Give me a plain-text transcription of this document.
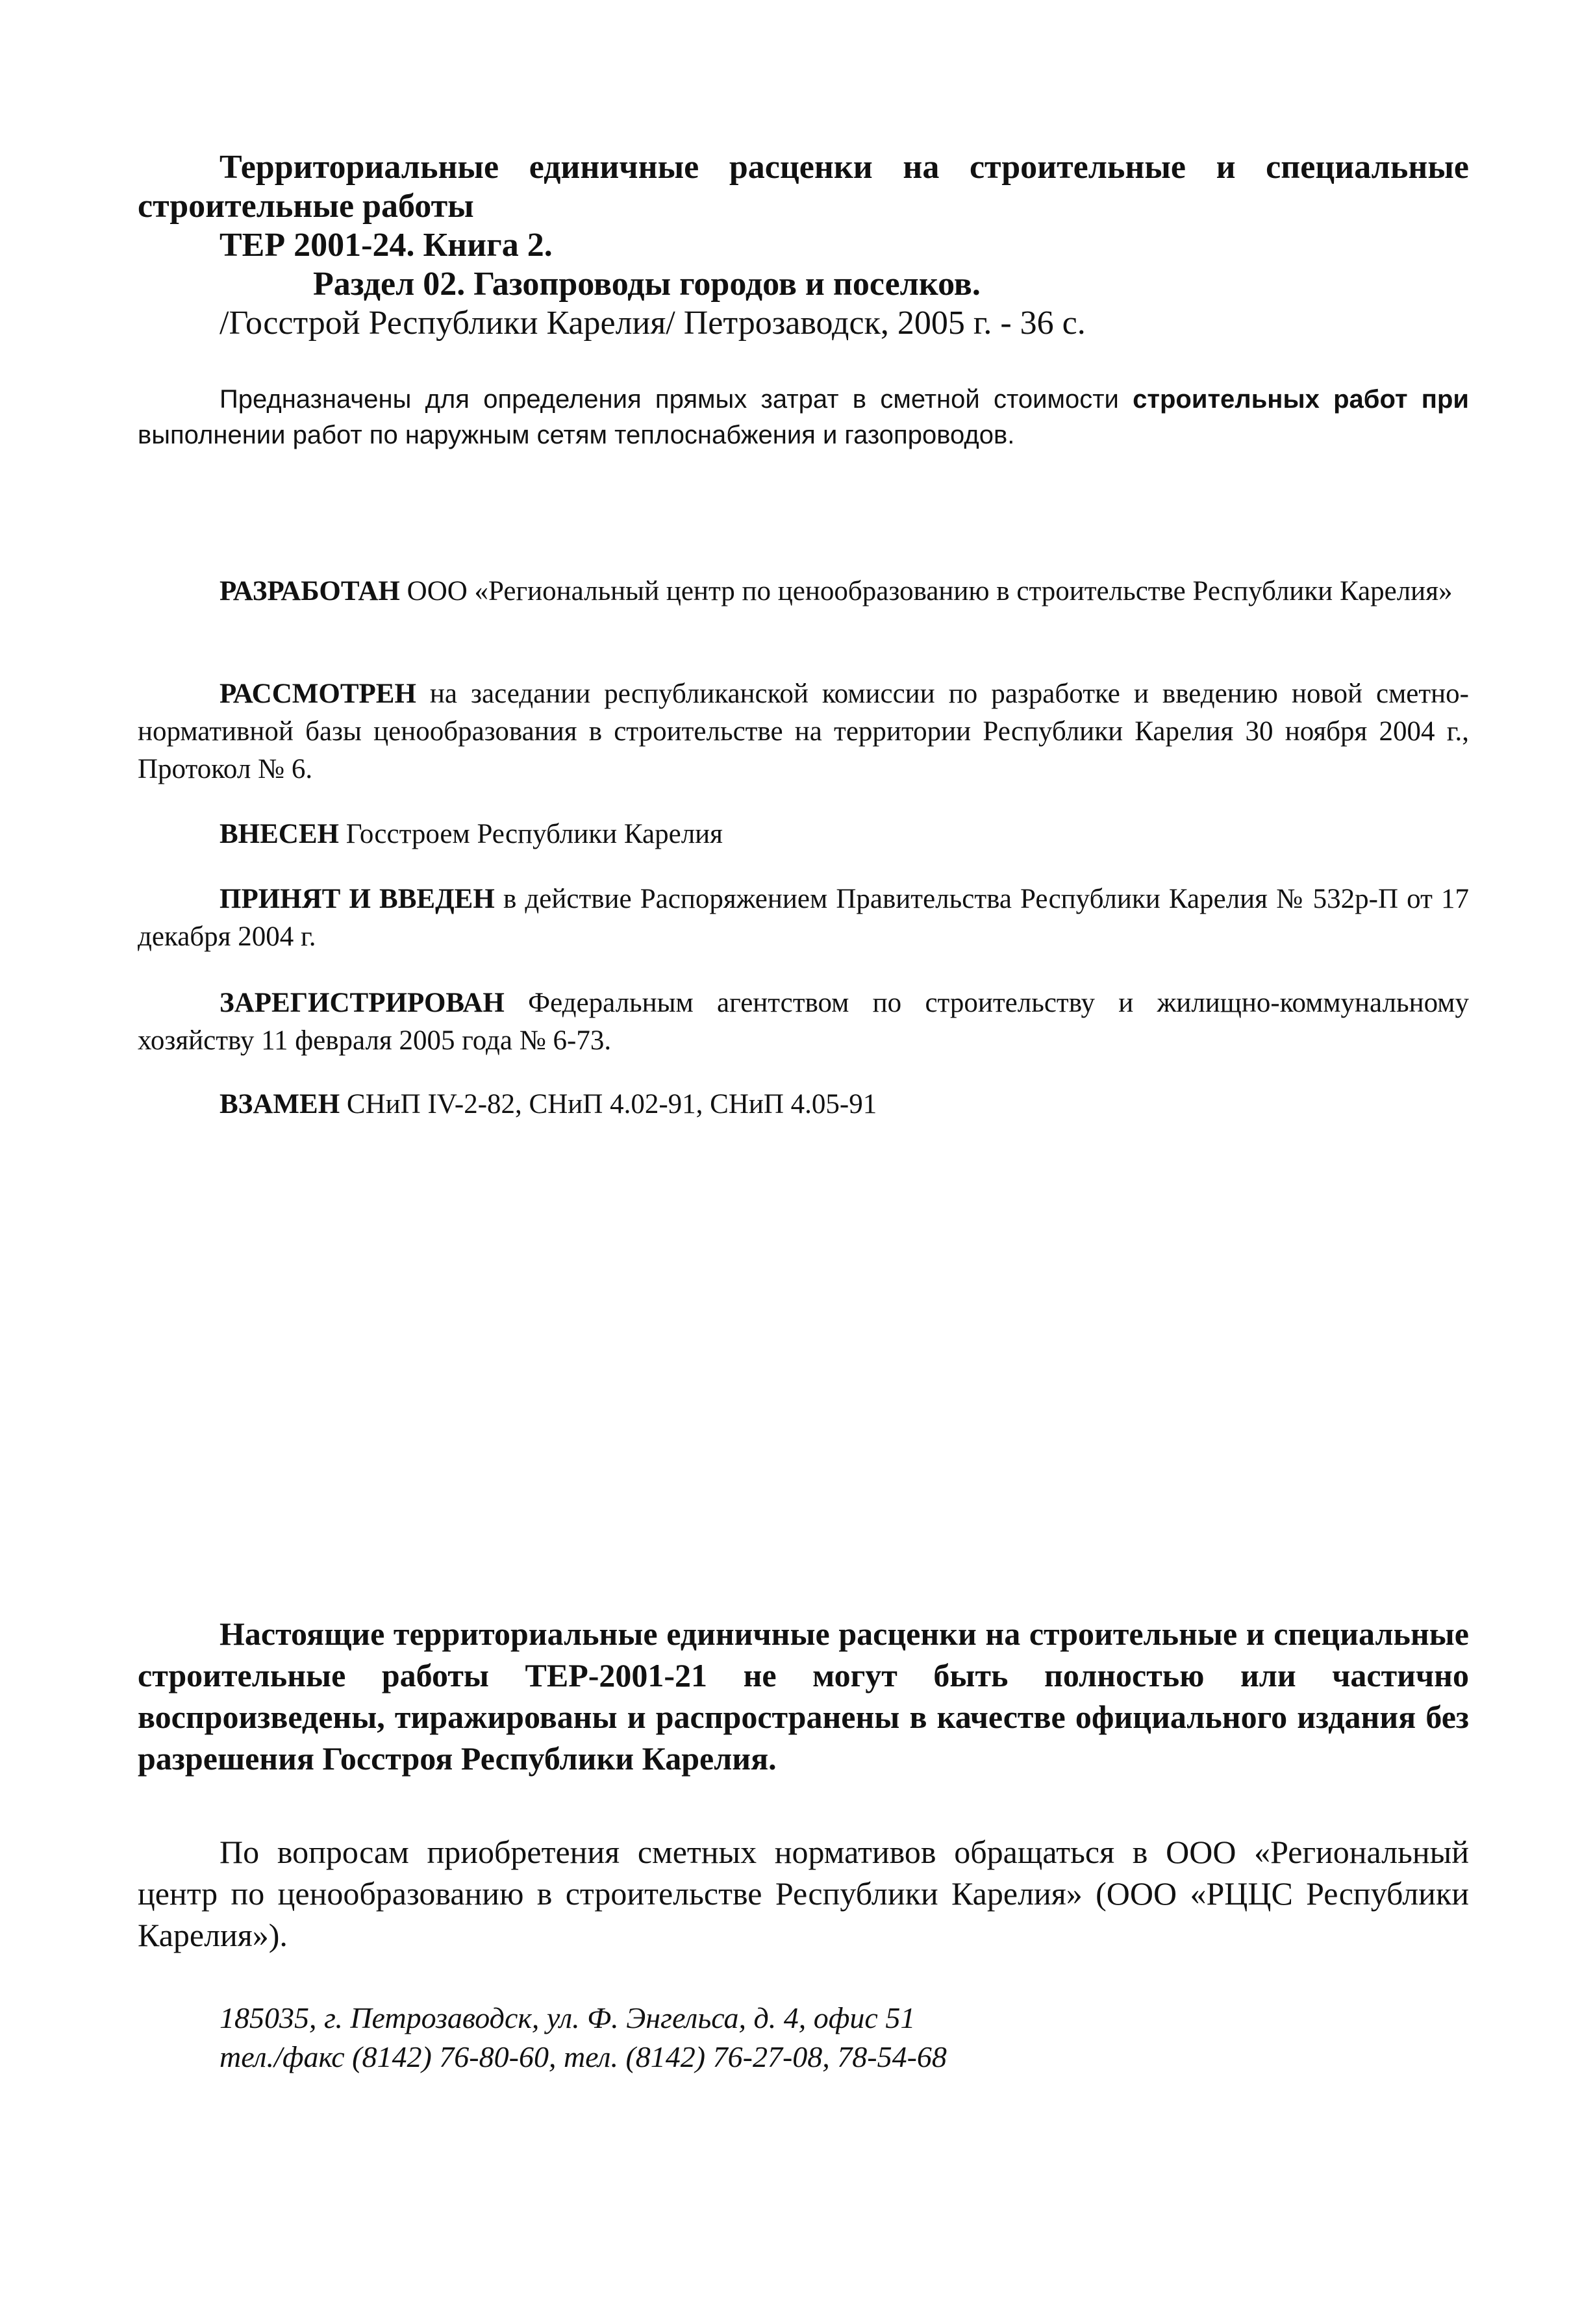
Территориальные единичные расценки на строительные и специальные

строительные работы

ТЕР 2001-24. Книга 2.

Раздел 02. Газопроводы городов и поселков.

/Госстрой Республики Карелия/ Петрозаводск, 2005 г. - 36 с.

Предназначены для определения прямых затрат в сметной стоимости строительных работ при выполнении работ по наружным сетям теплоснабжения и газопроводов.
РАЗРАБОТАН ООО «Региональный центр по ценообразованию в строительстве Республики Карелия»
РАССМОТРЕН на заседании республиканской комиссии по разработке и введению новой сметно-нормативной базы ценообразования в строительстве на территории Республики Карелия 30 ноября 2004 г., Протокол № 6.
ВНЕСЕН Госстроем Республики Карелия
ПРИНЯТ И ВВЕДЕН в действие Распоряжением Правительства Республики Карелия № 532р-П от 17 декабря 2004 г.
ЗАРЕГИСТРИРОВАН Федеральным агентством по строительству и жилищно-коммунальному хозяйству 11 февраля 2005 года № 6-73.
ВЗАМЕН СНиП IV-2-82, СНиП 4.02-91, СНиП 4.05-91
Настоящие территориальные единичные расценки на строительные и специальные строительные работы ТЕР-2001-21 не могут быть полностью или частично воспроизведены, тиражированы и распространены в качестве официального издания без разрешения Госстроя Республики Карелия.
По вопросам приобретения сметных нормативов обращаться в ООО «Региональный центр по ценообразованию в строительстве Республики Карелия» (ООО «РЦЦС Республики Карелия»).

185035, г. Петрозаводск, ул. Ф. Энгельса, д. 4, офис 51

тел./факс (8142) 76-80-60, тел. (8142) 76-27-08, 78-54-68
